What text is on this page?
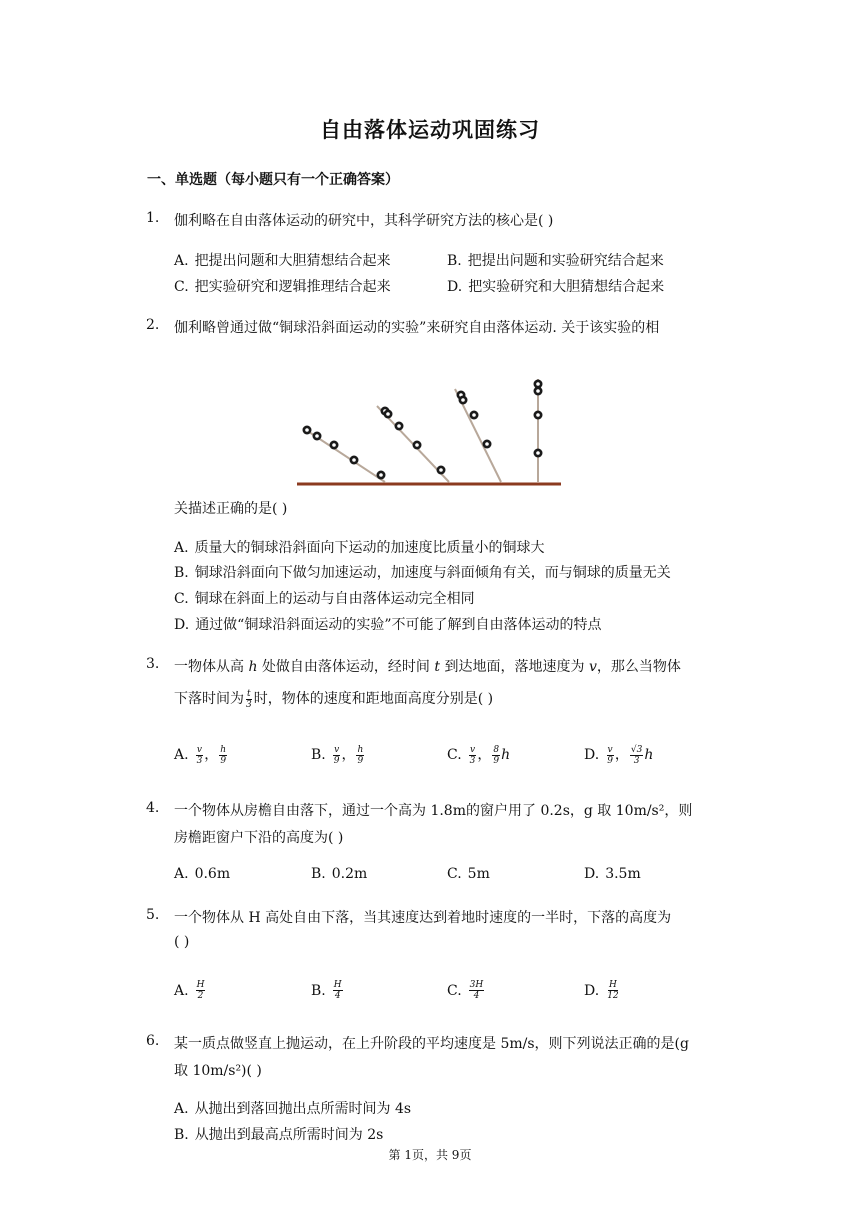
自由落体运动巩固练习
一、单选题（每小题只有一个正确答案）
1. 伽利略在自由落体运动的研究中，其科学研究方法的核心是( )
A. 把提出问题和大胆猜想结合起来	B. 把提出问题和实验研究结合起来
C. 把实验研究和逻辑推理结合起来	D. 把实验研究和大胆猜想结合起来
2. 伽利略曾通过做“铜球沿斜面运动的实验”来研究自由落体运动. 关于该实验的相
关描述正确的是( )
A. 质量大的铜球沿斜面向下运动的加速度比质量小的铜球大
B. 铜球沿斜面向下做匀加速运动，加速度与斜面倾角有关，而与铜球的质量无关
C. 铜球在斜面上的运动与自由落体运动完全相同
D. 通过做“铜球沿斜面运动的实验”不可能了解到自由落体运动的特点
3. 一物体从高 h 处做自由落体运动，经时间 t 到达地面，落地速度为 v，那么当物体
下落时间为 $\frac{t}{3}$ 时，物体的速度和距地面高度分别是( )
A. $\frac{v}{3}$ ， $\frac{h}{9}$	B. $\frac{v}{9}$ ， $\frac{h}{9}$	C. $\frac{v}{3}$ ， $\frac{8}{9}$ h	D. $\frac{v}{9}$ ， $\frac{√3}{3}$ h
4. 一个物体从房檐自由落下，通过一个高为 1.8m的窗户用了 0.2s，g 取 10m/s²，则
房檐距窗户下沿的高度为( )
A. 0.6m	B. 0.2m	C. 5m	D. 3.5m
5. 一个物体从 H 高处自由下落，当其速度达到着地时速度的一半时，下落的高度为
( )
A. $\frac{H}{2}$	B. $\frac{H}{4}$	C. $\frac{3H}{4}$	D. $\frac{H}{12}$
6. 某一质点做竖直上抛运动，在上升阶段的平均速度是 5m/s，则下列说法正确的是(g
取 10m/s²)( )
A. 从抛出到落回抛出点所需时间为 4s
B. 从抛出到最高点所需时间为 2s
第 1页，共 9页
